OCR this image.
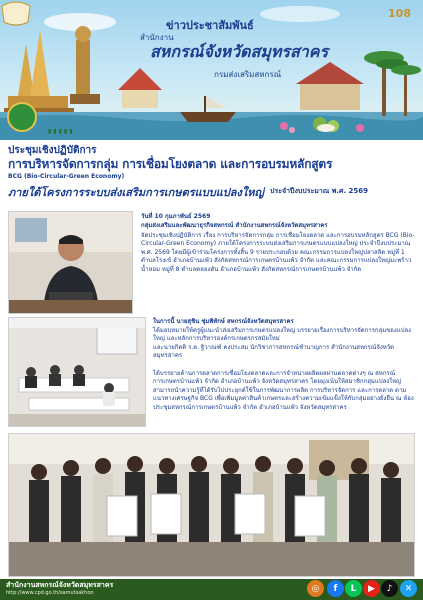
ข่าวประชาสัมพันธ์
สำนักงาน
สหกรณ์จังหวัดสมุทรสาคร
กรมส่งเสริมสหกรณ์
108
▮▮▮▮▮
ประชุมเชิงปฏิบัติการ
การบริหารจัดการกลุ่ม การเชื่อมโยงตลาด และการอบรมหลักสูตร
BCG (Bio-Circular-Green Economy)
ภายใต้โครงการระบบส่งเสริมการเกษตรแบบแปลงใหญ่ ประจำปีงบประมาณ พ.ศ. 2569
วันที่ 10 กุมภาพันธ์ 2569
กลุ่มส่งเสริมและพัฒนาธุรกิจสหกรณ์ สำนักงานสหกรณ์จังหวัดสมุทรสาคร
จัดประชุมเชิงปฏิบัติการ เรื่อง การบริหารจัดการกลุ่ม การเชื่อมโยงตลาด และการอบรมหลักสูตร BCG (Bio-Circular-Green Economy) ภายใต้โครงการระบบส่งเสริมการเกษตรแบบแปลงใหญ่ ประจำปีงบประมาณ พ.ศ. 2569 โดยมีผู้เข้าร่วมโครงการทั้งสิ้น 9 รายประกอบด้วย คณะกรรมการแปลงใหญ่ปลาสลิด หมู่ที่ 1 ตำบลโรงเข้ อำเภอบ้านแพ้ว สังกัดสหกรณ์การเกษตรบ้านแพ้ว จำกัด และคณะกรรมการแปลงใหญ่มะพร้าวน้ำหอม หมู่ที่ 8 ตำบลคลองตัน อำเภอบ้านแพ้ว สังกัดสหกรณ์การเกษตรบ้านแพ้ว จำกัด
ในการนี้ นายสุชิน ชุ่มพิทักษ์ สหกรณ์จังหวัดสมุทรสาคร
ได้มอบหมายให้ครูผู้แนะนำส่งเสริมการเกษตรแปลงใหญ่ บรรยายเรื่องการบริหารจัดการกลุ่มของแปลงใหญ่ และหลักการบริหารองค์กรเกษตรกรสมัยใหม่
และนายกิตติ ร.ต. ฐิวาณฑ์ คงประสม นักวิชาการสหกรณ์ชำนาญการ สำนักงานสหกรณ์จังหวัดสมุทรสาคร
ได้บรรยายด้านการตลาดการเชื่อมโยงตลาดและการจำหน่ายผลิตผลผ่านตลาดต่างๆ ณ สหกรณ์การเกษตรบ้านแพ้ว จำกัด อำเภอบ้านแพ้ว จังหวัดสมุทรสาคร โดยมุ่งเน้นให้สมาชิกกลุ่มแปลงใหญ่สามารถนำความรู้ที่ได้รับไปประยุกต์ใช้ในการพัฒนาการผลิต การบริหารจัดการ และการตลาด ตามแนวทางเศรษฐกิจ BCG เพื่อเพิ่มมูลค่าสินค้าเกษตรและสร้างความเข้มแข็งให้กับกลุ่มอย่างยั่งยืน ณ ห้องประชุมสหกรณ์การเกษตรบ้านแพ้ว จำกัด อำเภอบ้านแพ้ว จังหวัดสมุทรสาคร
สำนักงานสหกรณ์จังหวัดสมุทรสาคร
http://www.cpd.go.th/samutsakhon	◎	f	L	▶	♪	✕
